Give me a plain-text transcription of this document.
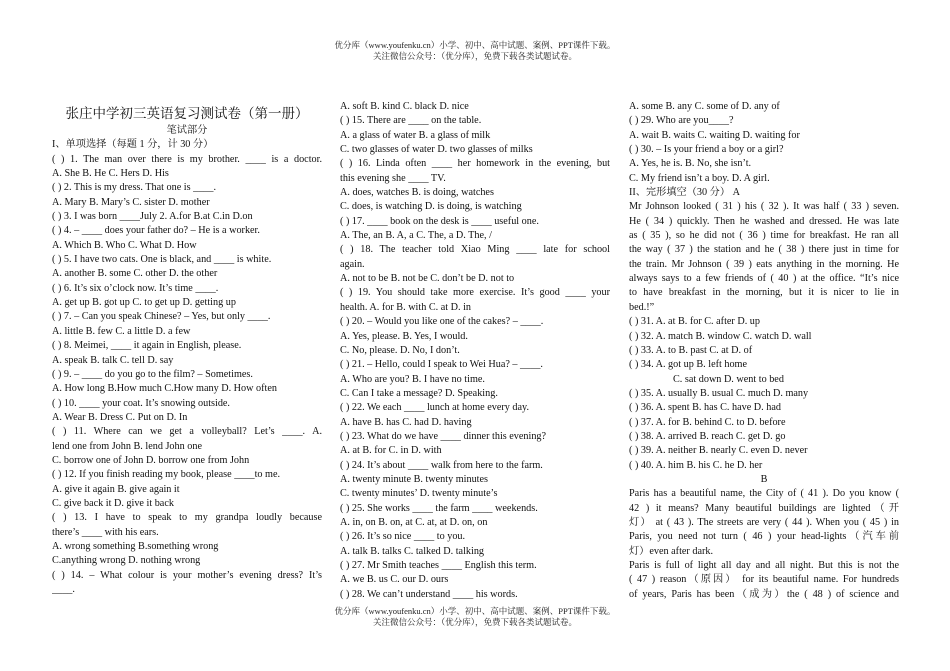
优分库（www.youfenku.cn）小学、初中、高中试题、案例、PPT课件下载。
关注微信公众号：（优分库），免费下载各类试题试卷。
张庄中学初三英语复习测试卷（第一册）
笔试部分
I、单项选择（每题 1 分，计 30 分）
( ) 1. The man over there is my brother. ____ is a doctor.
A. She B. He C. Hers D. His
( ) 2. This is my dress. That one is ____.
A. Mary B. Mary’s C. sister D. mother
( ) 3. I was born ____July 2. A.for B.at C.in D.on
( ) 4. – ____ does your father do? – He is a worker.
A. Which B. Who C. What D. How
( ) 5. I have two cats. One is black, and ____ is white.
A. another B. some C. other D. the other
( ) 6. It’s six o’clock now. It’s time ____.
A. get up B. got up C. to get up D. getting up
( ) 7. – Can you speak Chinese? – Yes, but only ____.
A. little B. few C. a little D. a few
( ) 8. Meimei, ____ it again in English, please.
A. speak B. talk C. tell D. say
( ) 9. – ____ do you go to the film? – Sometimes.
A. How long B.How much C.How many D. How often
( ) 10. ____ your coat. It’s snowing outside.
A. Wear B. Dress C. Put on D. In
( ) 11. Where can we get a volleyball? Let’s ____. A.
lend one from John B. lend John one
C. borrow one of John D. borrow one from John
( ) 12. If you finish reading my book, please ____to me.
A. give it again B. give again it
C. give back it D. give it back
( ) 13. I have to speak to my grandpa loudly because
there’s ____ with his ears.
A. wrong something B.something wrong
C.anything wrong D. nothing wrong
( ) 14. – What colour is your mother’s evening dress? It’s
____.
A. soft B. kind C. black D. nice
( ) 15. There are ____ on the table.
A. a glass of water B. a glass of milk
C. two glasses of water D. two glasses of milks
( ) 16. Linda often ____ her homework in the evening, but
this evening she ____ TV.
A. does, watches B. is doing, watches
C. does, is watching D. is doing, is watching
( ) 17. ____ book on the desk is ____ useful one.
A. The, an B. A, a C. The, a D. The, /
( ) 18. The teacher told Xiao Ming ____ late for school
again.
A. not to be B. not be C. don’t be D. not to
( ) 19. You should take more exercise. It’s good ____ your
health. A. for B. with C. at D. in
( ) 20. – Would you like one of the cakes? – ____.
A. Yes, please. B. Yes, I would.
C. No, please. D. No, I don’t.
( ) 21. – Hello, could I speak to Wei Hua? – ____.
A. Who are you? B. I have no time.
C. Can I take a message? D. Speaking.
( ) 22. We each ____ lunch at home every day.
A. have B. has C. had D. having
( ) 23. What do we have ____ dinner this evening?
A. at B. for C. in D. with
( ) 24. It’s about ____ walk from here to the farm.
A. twenty minute B. twenty minutes
C. twenty minutes’ D. twenty minute’s
( ) 25. She works ____ the farm ____ weekends.
A. in, on B. on, at C. at, at D. on, on
( ) 26. It’s so nice ____ to you.
A. talk B. talks C. talked D. talking
( ) 27. Mr Smith teaches ____ English this term.
A. we B. us C. our D. ours
( ) 28. We can’t understand ____ his words.
A. some B. any C. some of D. any of
( ) 29. Who are you____?
A. wait B. waits C. waiting D. waiting for
( ) 30. – Is your friend a boy or a girl?
A. Yes, he is. B. No, she isn’t.
C. My friend isn’t a boy. D. A girl.
II、完形填空（30 分） A
Mr Johnson looked ( 31 ) his ( 32 ). It was half ( 33 ) seven.
He ( 34 ) quickly. Then he washed and dressed. He was late
as ( 35 ), so he did not ( 36 ) time for breakfast. He ran all
the way ( 37 ) the station and he ( 38 ) there just in time for
the train. Mr Johnson ( 39 ) eats anything in the morning. He
always says to a few friends of ( 40 ) at the office. “It’s nice
to have breakfast in the morning, but it is nicer to lie in
bed.!”
( ) 31. A. at B. for C. after D. up
( ) 32. A. match B. window C. watch D. wall
( ) 33. A. to B. past C. at D. of
( ) 34. A. got up B. left home
C. sat down D. went to bed
( ) 35. A. usually B. usual C. much D. many
( ) 36. A. spent B. has C. have D. had
( ) 37. A. for B. behind C. to D. before
( ) 38. A. arrived B. reach C. get D. go
( ) 39. A. neither B. nearly C. even D. never
( ) 40. A. him B. his C. he D. her
B
Paris has a beautiful name, the City of ( 41 ). Do you know (
42 ) it means? Many beautiful buildings are lighted（开
灯） at ( 43 ). The streets are very ( 44 ). When you ( 45 ) in
Paris, you need not turn ( 46 ) your head-lights（汽车前
灯）even after dark.
Paris is full of light all day and all night. But this is not the
( 47 ) reason（原因） for its beautiful name. For hundreds
of years, Paris has been（成为）the ( 48 ) of science and
优分库（www.youfenku.cn）小学、初中、高中试题、案例、PPT课件下载。
关注微信公众号：（优分库），免费下载各类试题试卷。
